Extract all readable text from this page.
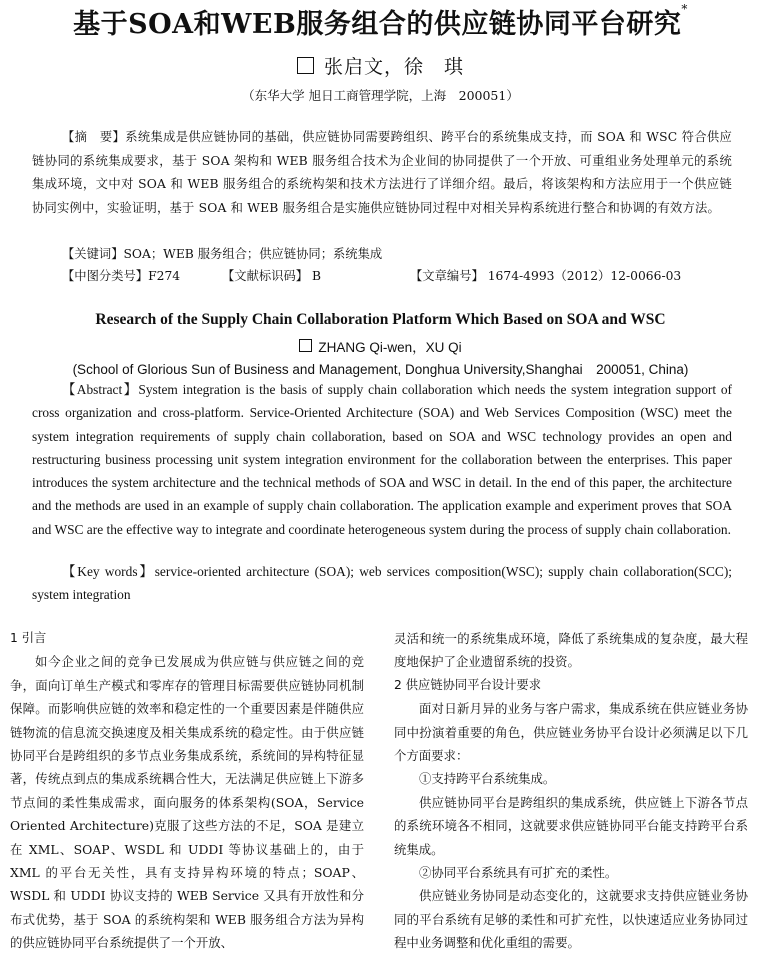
基于SOA和WEB服务组合的供应链协同平台研究*
张启文，徐　琪
（东华大学 旭日工商管理学院，上海　200051）
【摘　要】系统集成是供应链协同的基础，供应链协同需要跨组织、跨平台的系统集成支持，而 SOA 和 WSC 符合供应链协同的系统集成要求，基于 SOA 架构和 WEB 服务组合技术为企业间的协同提供了一个开放、可重组业务处理单元的系统集成环境，文中对 SOA 和 WEB 服务组合的系统构架和技术方法进行了详细介绍。最后，将该架构和方法应用于一个供应链协同实例中，实验证明，基于 SOA 和 WEB 服务组合是实施供应链协同过程中对相关异构系统进行整合和协调的有效方法。
【关键词】SOA；WEB 服务组合；供应链协同；系统集成
【中图分类号】F274	【文献标识码】 B	【文章编号】 1674-4993（2012）12-0066-03
Research of the Supply Chain Collaboration Platform Which Based on SOA and WSC
ZHANG Qi-wen，XU Qi
(School of Glorious Sun of Business and Management, Donghua University,Shanghai　200051, China)
【Abstract】System integration is the basis of supply chain collaboration which needs the system integration support of cross organization and cross-platform. Service-Oriented Architecture (SOA) and Web Services Composition (WSC) meet the system integration requirements of supply chain collaboration, based on SOA and WSC technology provides an open and restructuring business processing unit system integration environment for the collaboration between the enterprises. This paper introduces the system architecture and the technical methods of SOA and WSC in detail. In the end of this paper, the architecture and the methods are used in an example of supply chain collaboration. The application example and experiment proves that SOA and WSC are the effective way to integrate and coordinate heterogeneous system during the process of supply chain collaboration.
【Key words】service-oriented architecture (SOA); web services composition(WSC); supply chain collaboration(SCC); system integration
1 引言

如今企业之间的竞争已发展成为供应链与供应链之间的竞争，面向订单生产模式和零库存的管理目标需要供应链协同机制保障。而影响供应链的效率和稳定性的一个重要因素是伴随供应链物流的信息流交换速度及相关集成系统的稳定性。由于供应链协同平台是跨组织的多节点业务集成系统，系统间的异构特征显著，传统点到点的集成系统耦合性大，无法满足供应链上下游多节点间的柔性集成需求，面向服务的体系架构(SOA，Service Oriented Architecture)克服了这些方法的不足，SOA 是建立在 XML、SOAP、WSDL 和 UDDI 等协议基础上的，由于 XML 的平台无关性，具有支持异构环境的特点；SOAP、WSDL 和 UDDI 协议支持的 WEB Service 又具有开放性和分布式优势，基于 SOA 的系统构架和 WEB 服务组合方法为异构的供应链协同平台系统提供了一个开放、

灵活和统一的系统集成环境，降低了系统集成的复杂度，最大程度地保护了企业遗留系统的投资。

2 供应链协同平台设计要求

面对日新月异的业务与客户需求，集成系统在供应链业务协同中扮演着重要的角色，供应链业务协平台设计必须满足以下几个方面要求：

①支持跨平台系统集成。

供应链协同平台是跨组织的集成系统，供应链上下游各节点的系统环境各不相同，这就要求供应链协同平台能支持跨平台系统集成。

②协同平台系统具有可扩充的柔性。

供应链业务协同是动态变化的，这就要求支持供应链业务协同的平台系统有足够的柔性和可扩充性，以快速适应业务协同过程中业务调整和优化重组的需要。
